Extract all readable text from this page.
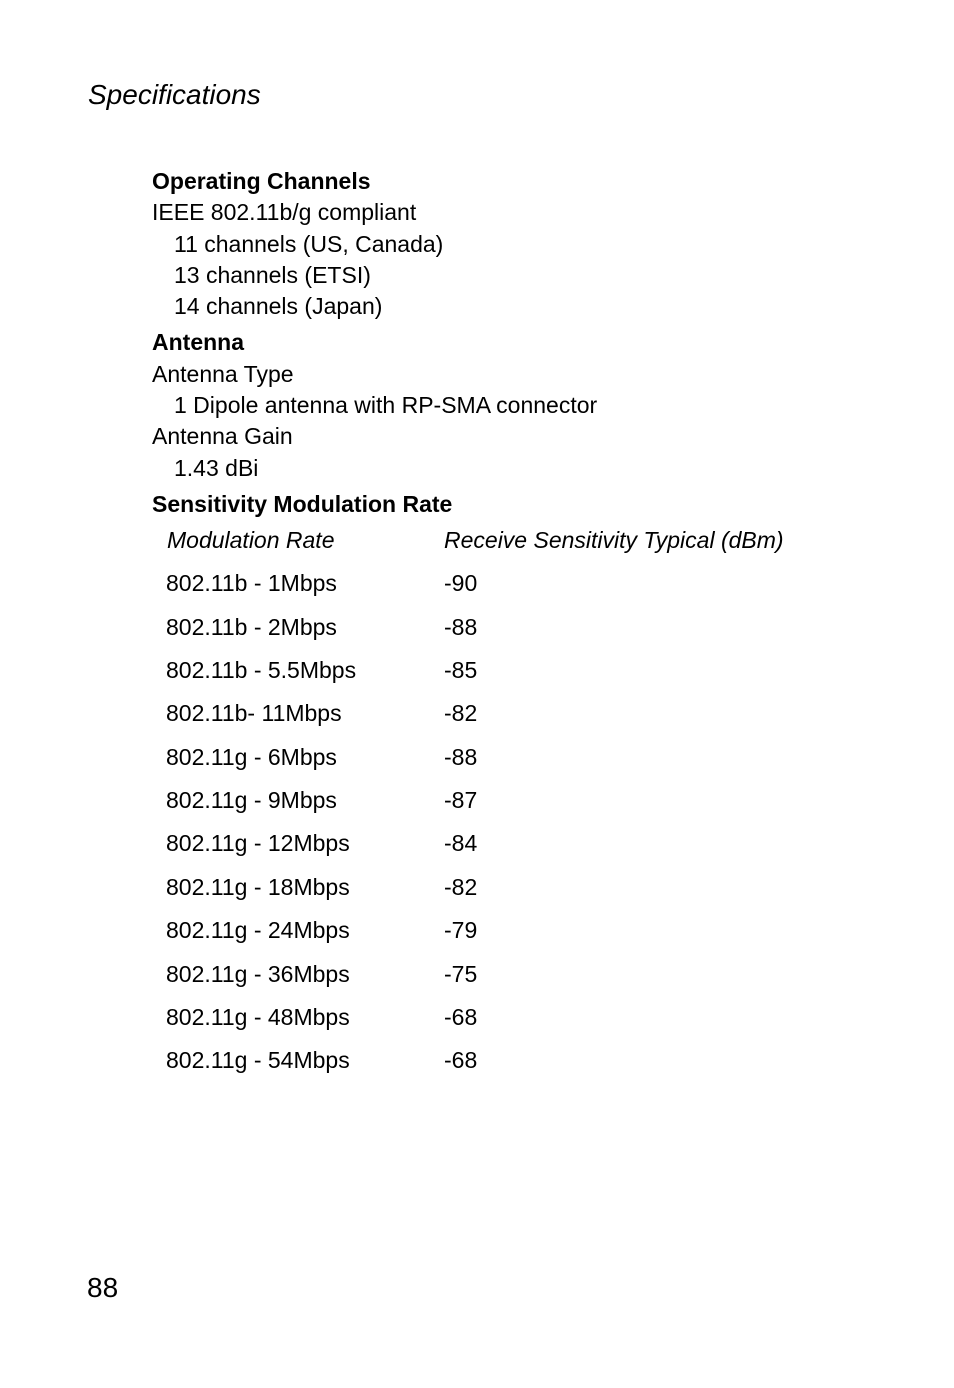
Specifications
Operating Channels
IEEE 802.11b/g compliant
11 channels (US, Canada)
13 channels (ETSI)
14 channels (Japan)
Antenna
Antenna Type
1 Dipole antenna with RP-SMA connector
Antenna Gain
1.43 dBi
Sensitivity Modulation Rate
Modulation Rate	Receive Sensitivity Typical (dBm)
802.11b - 1Mbps	-90
802.11b - 2Mbps	-88
802.11b - 5.5Mbps	-85
802.11b- 11Mbps	-82
802.11g - 6Mbps	-88
802.11g - 9Mbps	-87
802.11g - 12Mbps	-84
802.11g - 18Mbps	-82
802.11g - 24Mbps	-79
802.11g - 36Mbps	-75
802.11g - 48Mbps	-68
802.11g - 54Mbps	-68
88
